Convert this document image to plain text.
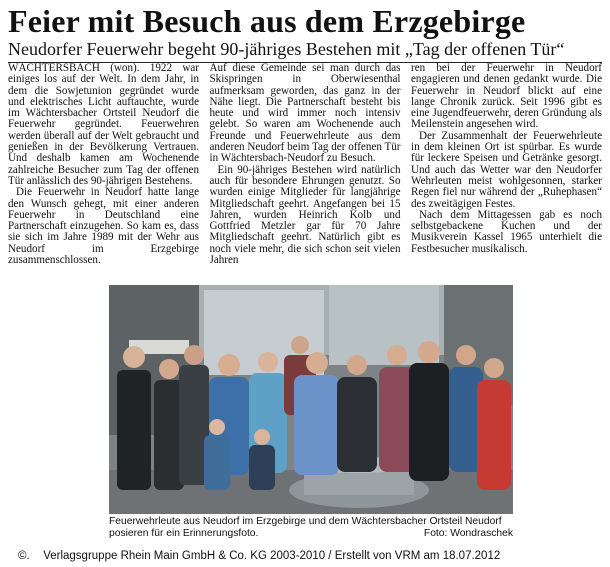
Feier mit Besuch aus dem Erzgebirge
Neudorfer Feuerwehr begeht 90-jähriges Bestehen mit „Tag der offenen Tür“

WÄCHTERSBACH (won). 1922 war einiges los auf der Welt. In dem Jahr, in dem die Sowjetunion gegründet wurde und elektrisches Licht auftauchte, wurde im Wächtersbacher Ortsteil Neudorf die Feuerwehr gegründet. Feuerwehren werden überall auf der Welt gebraucht und genießen in der Bevölkerung Vertrauen. Und deshalb kamen am Wochenende zahlreiche Besucher zum Tag der offenen Tür anlässlich des 90-jährigen Bestehens.

Die Feuerwehr in Neudorf hatte lange den Wunsch gehegt, mit einer anderen Feuerwehr in Deutschland eine Partnerschaft einzugehen. So kam es, dass sie sich im Jahre 1989 mit der Wehr aus Neudorf im Erzgebirge zusammenschlossen.

Auf diese Gemeinde sei man durch das Skispringen in Oberwiesenthal aufmerksam geworden, das ganz in der Nähe liegt. Die Partnerschaft besteht bis heute und wird immer noch intensiv gelebt. So waren am Wochenende auch Freunde und Feuerwehrleute aus dem anderen Neudorf beim Tag der offenen Tür in Wächtersbach-Neudorf zu Besuch.

Ein 90-jähriges Bestehen wird natürlich auch für besondere Ehrungen genutzt. So wurden einige Mitglieder für langjährige Mitgliedschaft geehrt. Angefangen bei 15 Jahren, wurden Heinrich Kolb und Gottfried Metzler gar für 70 Jahre Mitgliedschaft geehrt. Natürlich gibt es noch viele mehr, die sich schon seit vielen Jahren

ren bei der Feuerwehr in Neudorf engagieren und denen gedankt wurde. Die Feuerwehr in Neudorf blickt auf eine lange Chronik zurück. Seit 1996 gibt es eine Jugendfeuerwehr, deren Gründung als Meilenstein angesehen wird.

Der Zusammenhalt der Feuerwehrleute in dem kleinen Ort ist spürbar. Es wurde für leckere Speisen und Getränke gesorgt. Und auch das Wetter war den Neudorfer Wehrleuten meist wohlgesonnen, starker Regen fiel nur während der „Ruhephasen“ des zweitägigen Festes.

Nach dem Mittagessen gab es noch selbstgebackene Kuchen und der Musikverein Kassel 1965 unterhielt die Festbesucher musikalisch.

Feuerwehrleute aus Neudorf im Erzgebirge und dem Wächtersbacher Ortsteil Neudorf posieren für ein Erinnerungsfoto.	Foto: Wondraschek
©. Verlagsgruppe Rhein Main GmbH & Co. KG 2003-2010 / Erstellt von VRM am 18.07.2012
